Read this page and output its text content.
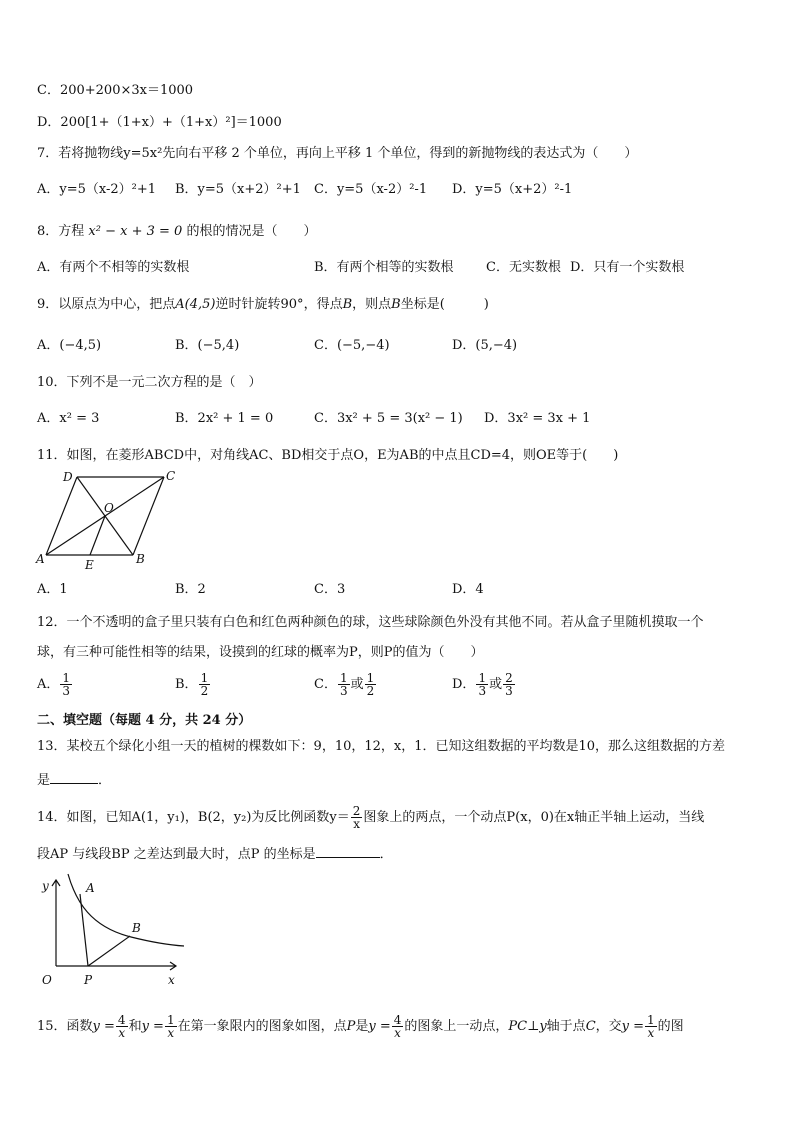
C．200+200×3x＝1000
D．200[1+（1+x）+（1+x）²]＝1000
7．若将抛物线y=5x²先向右平移 2 个单位，再向上平移 1 个单位，得到的新抛物线的表达式为（　　）
A．y=5（x-2）²+1 B．y=5（x+2）²+1 C．y=5（x-2）²-1 D．y=5（x+2）²-1
8．方程 x² − x + 3 = 0 的根的情况是（　　）
A．有两个不相等的实数根	B．有两个相等的实数根 C．无实数根 D．只有一个实数根
9．以原点为中心，把点A(4,5)逆时针旋转90°，得点B，则点B坐标是(　　　)
A．(−4,5)	B．(−5,4)	C．(−5,−4)	D．(5,−4)
10．下列不是一元二次方程的是（　）
A．x² = 3	B．2x² + 1 = 0	C．3x² + 5 = 3(x² − 1) D．3x² = 3x + 1
11．如图，在菱形ABCD中，对角线AC、BD相交于点O，E为AB的中点且CD=4，则OE等于(　　)
A	B
C
D
O
E
A．1	B．2	C．3	D．4
12．一个不透明的盒子里只装有白色和红色两种颜色的球，这些球除颜色外没有其他不同。若从盒子里随机摸取一个
球，有三种可能性相等的结果，设摸到的红球的概率为P，则P的值为（　　）
A． $\frac{1}{3}$	B． $\frac{1}{2}$	C． $\frac{1}{3}$ 或 $\frac{1}{2}$	D． $\frac{1}{3}$ 或 $\frac{2}{3}$
二、填空题（每题 4 分，共 24 分）
13．某校五个绿化小组一天的植树的棵数如下：9，10，12，x，1．已知这组数据的平均数是10，那么这组数据的方差
是	．
14．如图，已知A(1，y₁)，B(2，y₂)为反比例函数$y= \frac{2}{x}$ 图象上的两点，一个动点P(x，0)在x轴正半轴上运动，当线
段AP 与线段BP 之差达到最大时，点P 的坐标是	．
y	A
B
O	P	x
15．函数$y = \frac{4}{x}$ 和$y = \frac{1}{x}$ 在第一象限内的图象如图，点P是$y = \frac{4}{x}$ 的图象上一动点，PC⊥y轴于点C，交$y = \frac{1}{x}$ 的图
